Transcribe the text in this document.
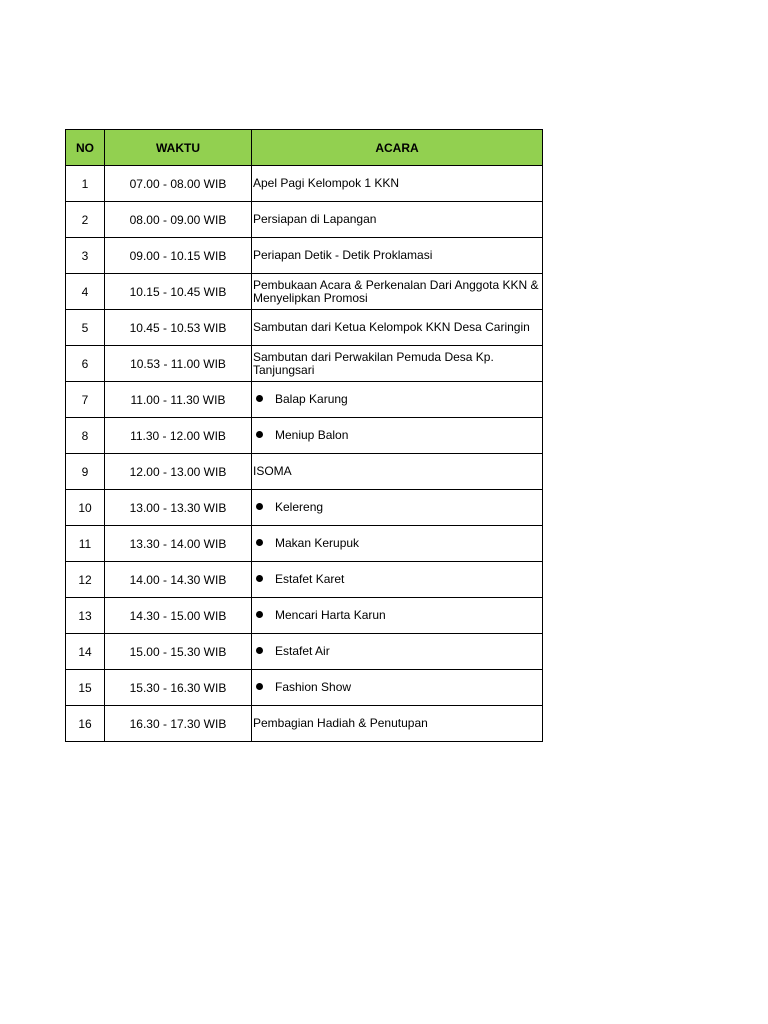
NO	WAKTU	ACARA
1	07.00 - 08.00 WIB	Apel Pagi Kelompok 1 KKN
2	08.00 - 09.00 WIB	Persiapan di Lapangan
3	09.00 - 10.15 WIB	Periapan Detik - Detik Proklamasi
4	10.15 - 10.45 WIB	Pembukaan Acara & Perkenalan Dari Anggota KKN & Menyelipkan Promosi
5	10.45 - 10.53 WIB	Sambutan dari Ketua Kelompok KKN Desa Caringin
6	10.53 - 11.00 WIB	Sambutan dari Perwakilan Pemuda Desa Kp. Tanjungsari
7	11.00 - 11.30 WIB	Balap Karung
8	11.30 - 12.00 WIB	Meniup Balon
9	12.00 - 13.00 WIB	ISOMA
10	13.00 - 13.30 WIB	Kelereng
11	13.30 - 14.00 WIB	Makan Kerupuk
12	14.00 - 14.30 WIB	Estafet Karet
13	14.30 - 15.00 WIB	Mencari Harta Karun
14	15.00 - 15.30 WIB	Estafet Air
15	15.30 - 16.30 WIB	Fashion Show
16	16.30 - 17.30 WIB	Pembagian Hadiah & Penutupan
